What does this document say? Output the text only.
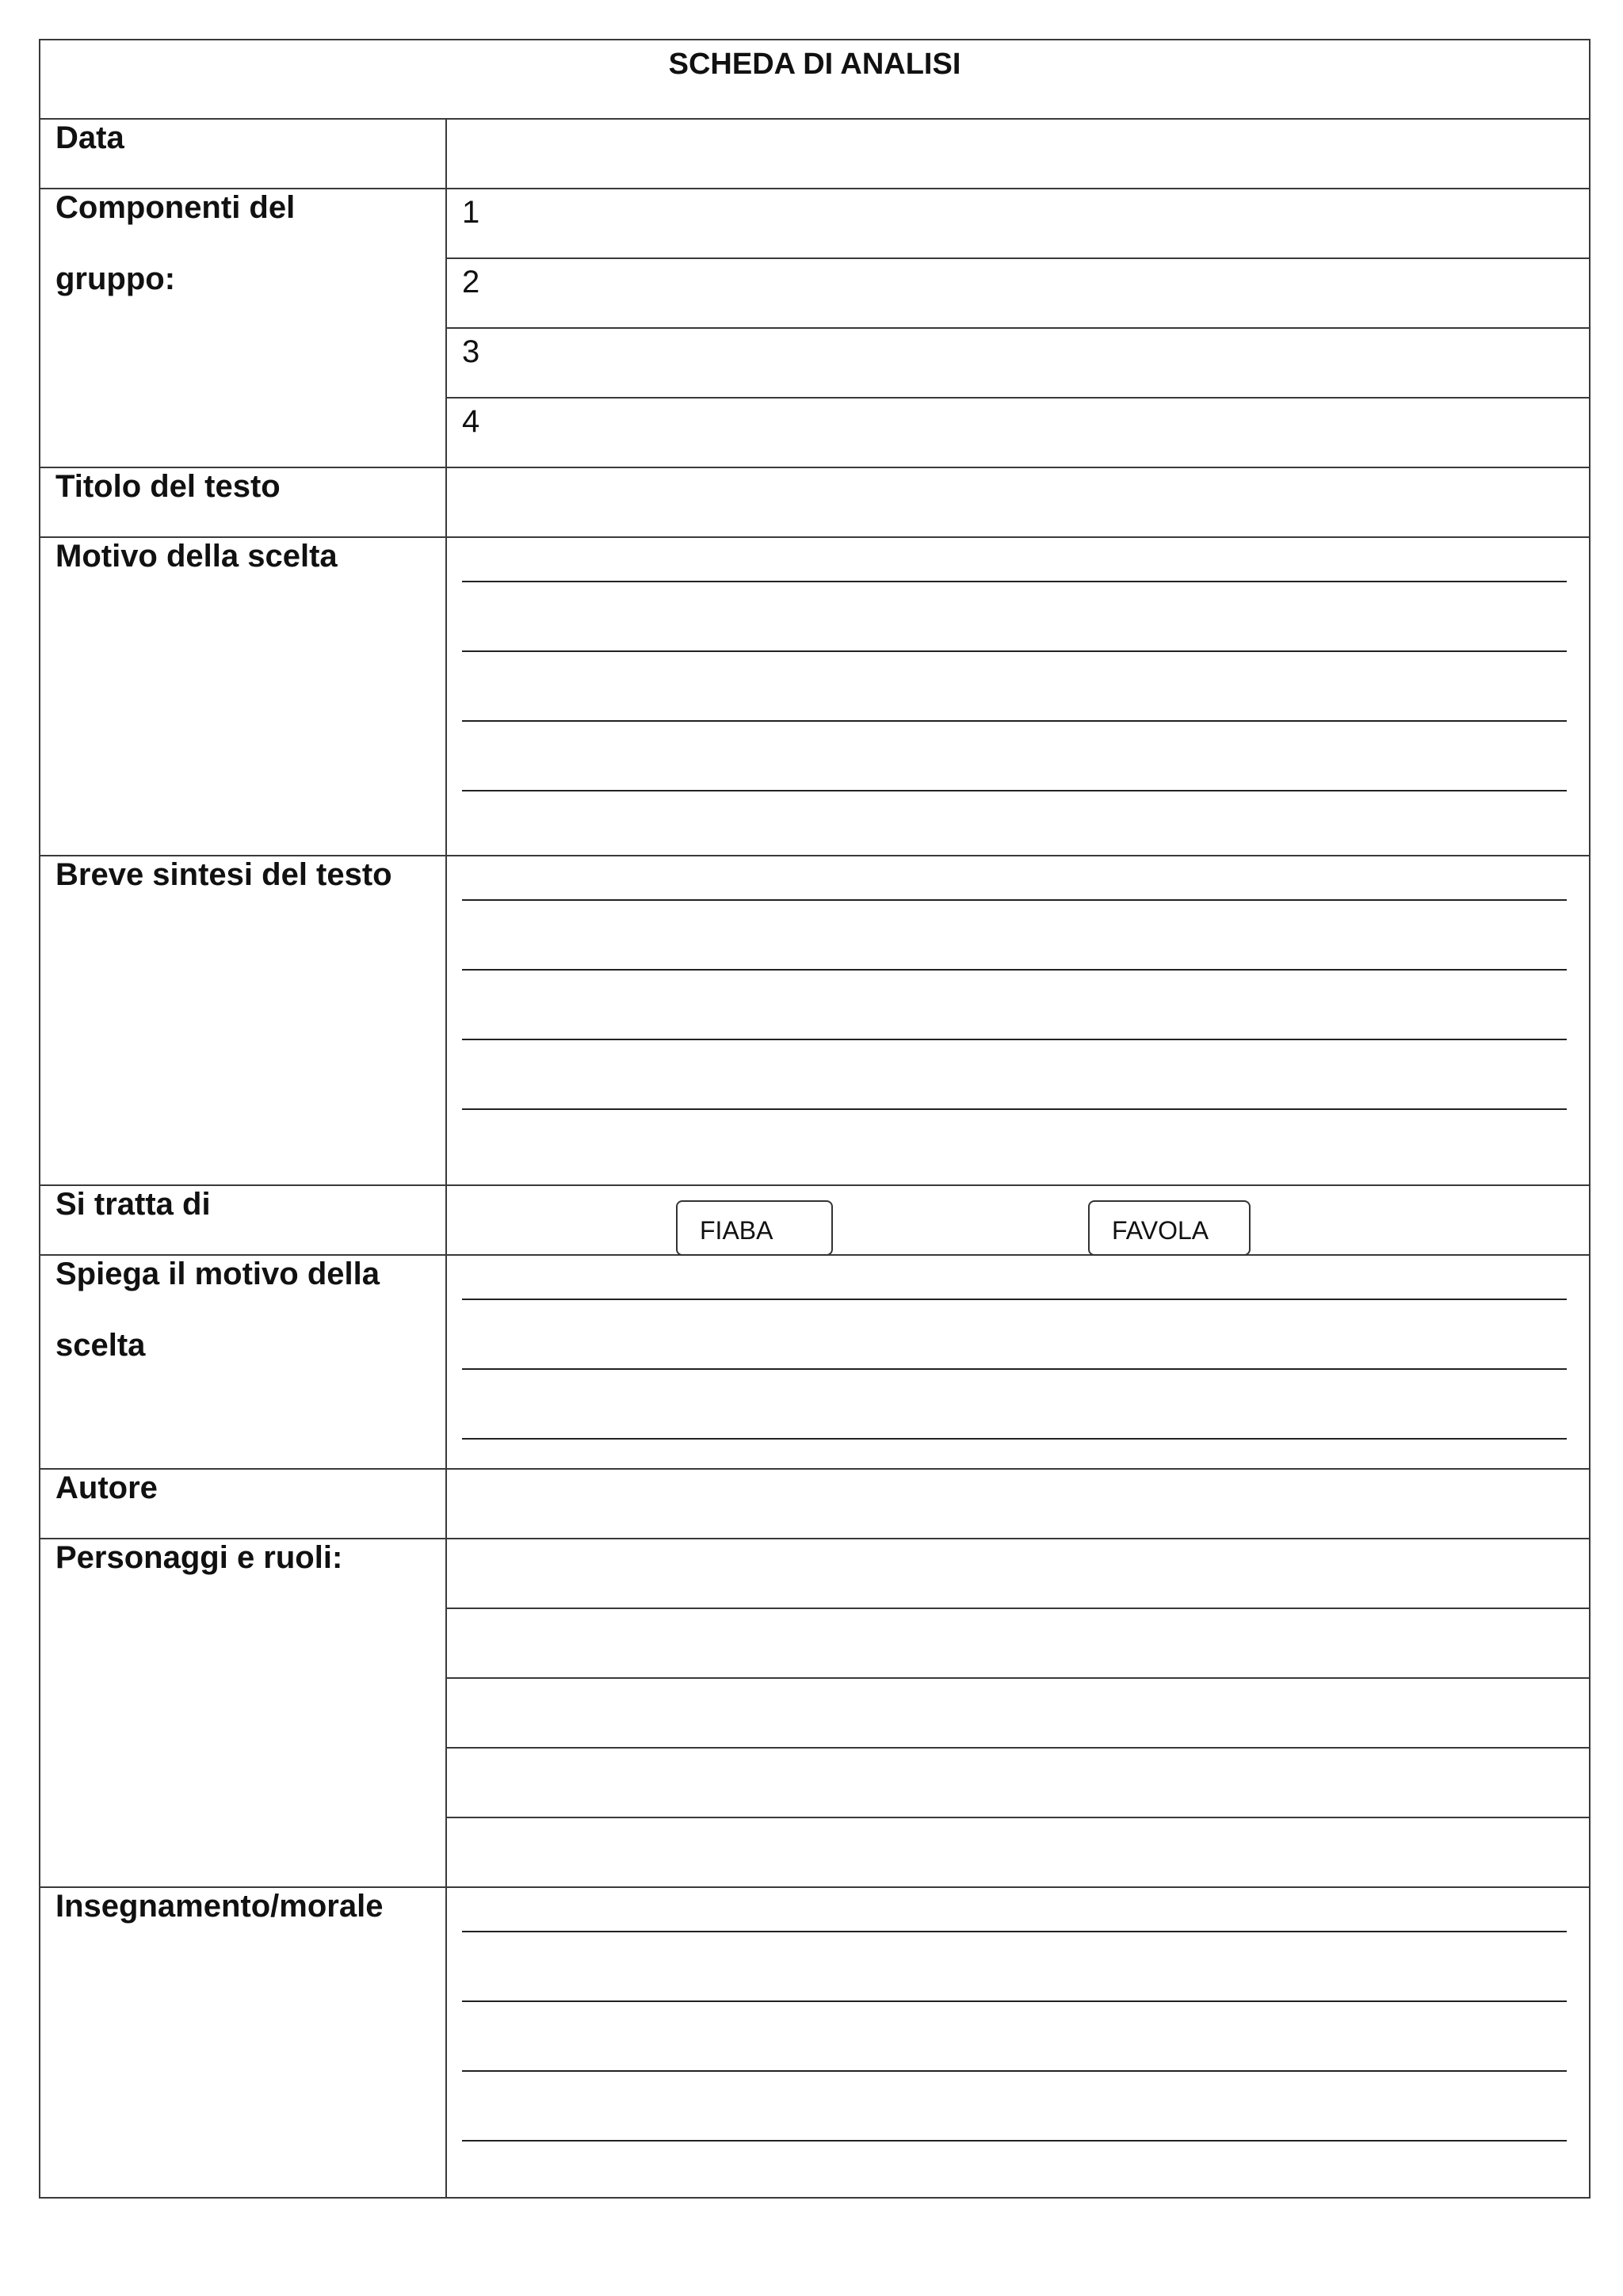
SCHEDA DI ANALISI	

Data	

Componenti del gruppo:	1
	2
	3
	4

Titolo del testo	

Motivo della scelta	

Breve sintesi del testo	

Si tratta di	FIABA FAVOLA

Spiega il motivo della scelta	

Autore	

Personaggi e ruoli:	

Insegnamento/morale	
